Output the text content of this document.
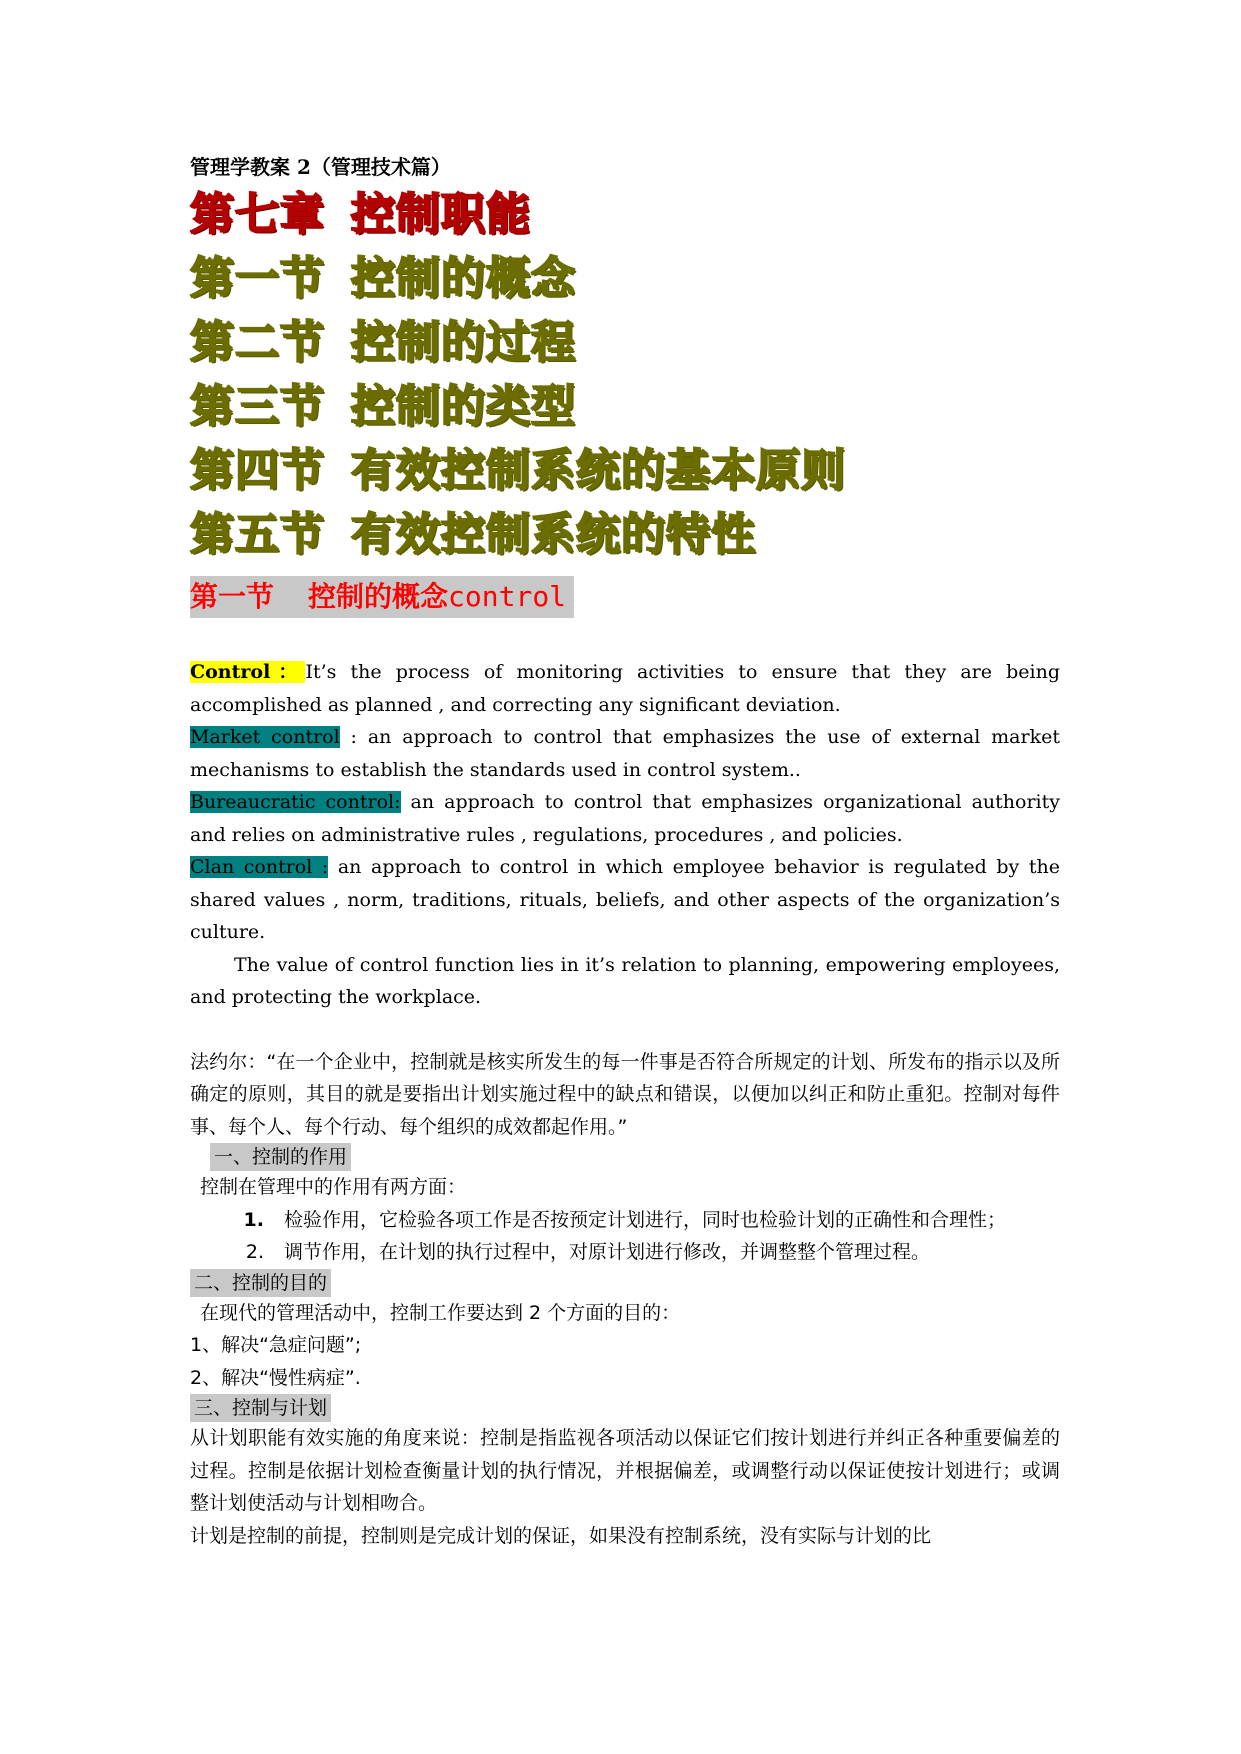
管理学教案 2（管理技术篇）

第七章 控制职能
第一节 控制的概念
第二节 控制的过程
第三节 控制的类型
第四节 有效控制系统的基本原则
第五节 有效控制系统的特性
第一节 控制的概念control

Control：It’s the process of monitoring activities to ensure that they are being accomplished as planned , and correcting any significant deviation.

Market control : an approach to control that emphasizes the use of external market mechanisms to establish the standards used in control system..

Bureaucratic control: an approach to control that emphasizes organizational authority and relies on administrative rules , regulations, procedures , and policies.

Clan control : an approach to control in which employee behavior is regulated by the shared values , norm, traditions, rituals, beliefs, and other aspects of the organization’s culture.

The value of control function lies in it’s relation to planning, empowering employees, and protecting the workplace.

法约尔：“在一个企业中，控制就是核实所发生的每一件事是否符合所规定的计划、所发布的指示以及所确定的原则，其目的就是要指出计划实施过程中的缺点和错误，以便加以纠正和防止重犯。控制对每件事、每个人、每个行动、每个组织的成效都起作用。”

一、控制的作用

控制在管理中的作用有两方面：

1.	检验作用，它检验各项工作是否按预定计划进行，同时也检验计划的正确性和合理性；
2.	调节作用，在计划的执行过程中，对原计划进行修改，并调整整个管理过程。
二、控制的目的

在现代的管理活动中，控制工作要达到 2 个方面的目的：

1、解决“急症问题”;

2、解决“慢性病症”.

三、控制与计划

从计划职能有效实施的角度来说：控制是指监视各项活动以保证它们按计划进行并纠正各种重要偏差的过程。控制是依据计划检查衡量计划的执行情况，并根据偏差，或调整行动以保证使按计划进行；或调整计划使活动与计划相吻合。

计划是控制的前提，控制则是完成计划的保证，如果没有控制系统，没有实际与计划的比
